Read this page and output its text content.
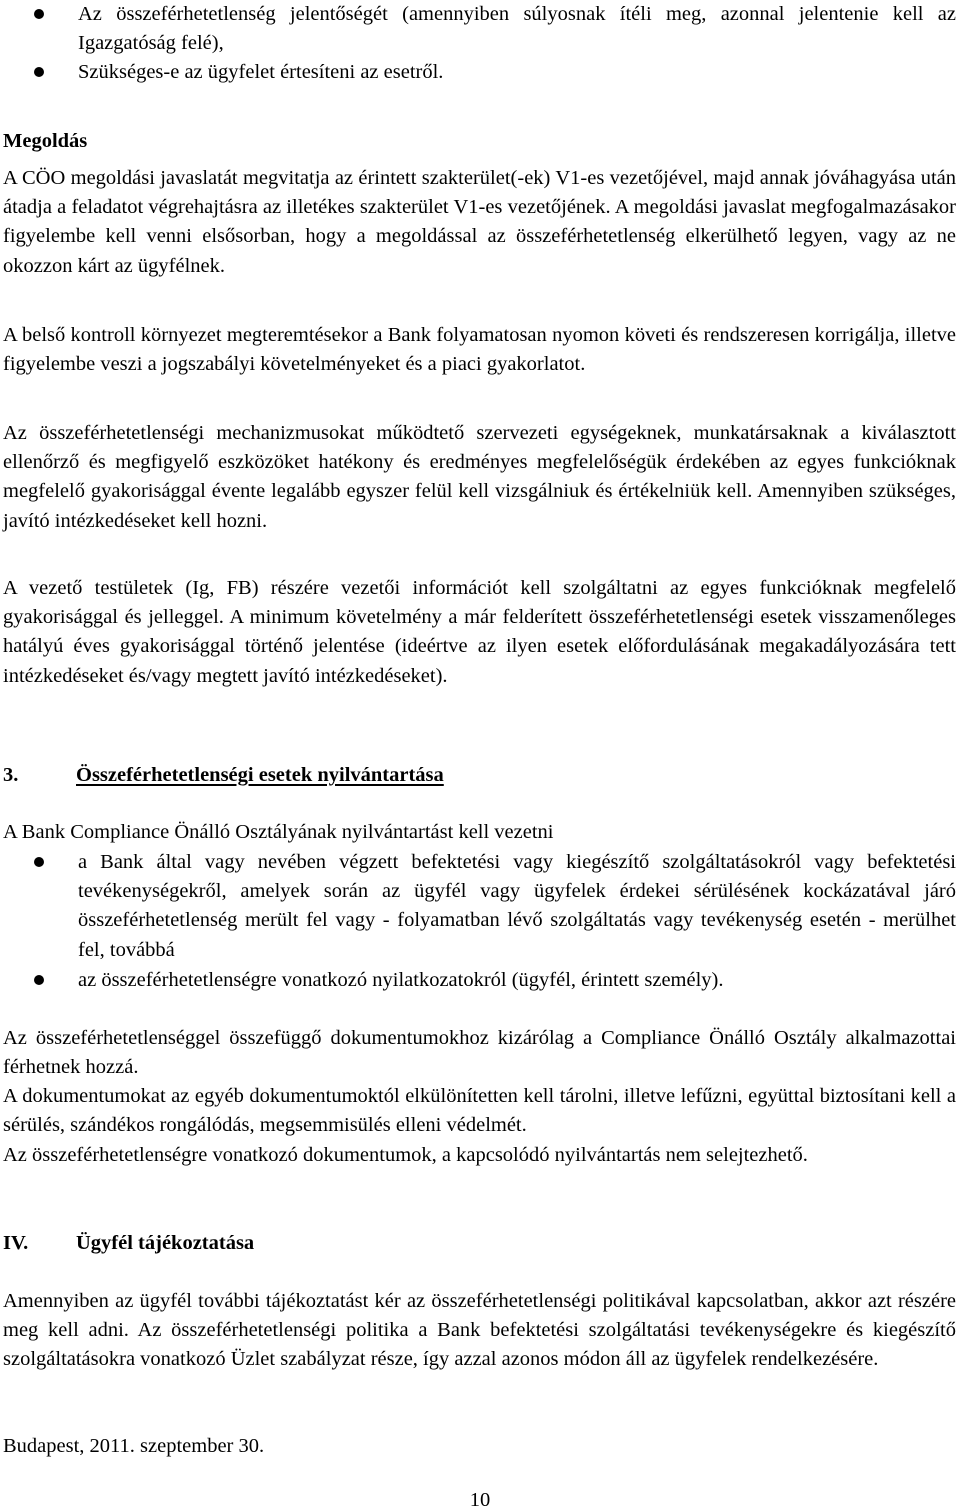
Az összeférhetetlenség jelentőségét (amennyiben súlyosnak ítéli meg, azonnal jelentenie kell az Igazgatóság felé),

Szükséges-e az ügyfelet értesíteni az esetről.

Megoldás

A CÖO megoldási javaslatát megvitatja az érintett szakterület(-ek) V1-es vezetőjével, majd annak jóváhagyása után átadja a feladatot végrehajtásra az illetékes szakterület V1-es vezetőjének. A megoldási javaslat megfogalmazásakor figyelembe kell venni elsősorban, hogy a megoldással az összeférhetetlenség elkerülhető legyen, vagy az ne okozzon kárt az ügyfélnek.

A belső kontroll környezet megteremtésekor a Bank folyamatosan nyomon követi és rendszeresen korrigálja, illetve figyelembe veszi a jogszabályi követelményeket és a piaci gyakorlatot.

Az összeférhetetlenségi mechanizmusokat működtető szervezeti egységeknek, munkatársaknak a kiválasztott ellenőrző és megfigyelő eszközöket hatékony és eredményes megfelelőségük érdekében az egyes funkcióknak megfelelő gyakorisággal évente legalább egyszer felül kell vizsgálniuk és értékelniük kell. Amennyiben szükséges, javító intézkedéseket kell hozni.

A vezető testületek (Ig, FB) részére vezetői információt kell szolgáltatni az egyes funkcióknak megfelelő gyakorisággal és jelleggel. A minimum követelmény a már felderített összeférhetetlenségi esetek visszamenőleges hatályú éves gyakorisággal történő jelentése (ideértve az ilyen esetek előfordulásának megakadályozására tett intézkedéseket és/vagy megtett javító intézkedéseket).

3.	Összeférhetetlenségi esetek nyilvántartása

A Bank Compliance Önálló Osztályának nyilvántartást kell vezetni

a Bank által vagy nevében végzett befektetési vagy kiegészítő szolgáltatásokról vagy befektetési tevékenységekről, amelyek során az ügyfél vagy ügyfelek érdekei sérülésének kockázatával járó összeférhetetlenség merült fel vagy - folyamatban lévő szolgáltatás vagy tevékenység esetén - merülhet fel, továbbá

az összeférhetetlenségre vonatkozó nyilatkozatokról (ügyfél, érintett személy).

Az összeférhetetlenséggel összefüggő dokumentumokhoz kizárólag a Compliance Önálló Osztály alkalmazottai férhetnek hozzá.

A dokumentumokat az egyéb dokumentumoktól elkülönítetten kell tárolni, illetve lefűzni, együttal biztosítani kell a sérülés, szándékos rongálódás, megsemmisülés elleni védelmét.

Az összeférhetetlenségre vonatkozó dokumentumok, a kapcsolódó nyilvántartás nem selejtezhető.

IV. Ügyfél tájékoztatása

Amennyiben az ügyfél további tájékoztatást kér az összeférhetetlenségi politikával kapcsolatban, akkor azt részére meg kell adni. Az összeférhetetlenségi politika a Bank befektetési szolgáltatási tevékenységekre és kiegészítő szolgáltatásokra vonatkozó Üzlet szabályzat része, így azzal azonos módon áll az ügyfelek rendelkezésére.

Budapest, 2011. szeptember 30.

10
